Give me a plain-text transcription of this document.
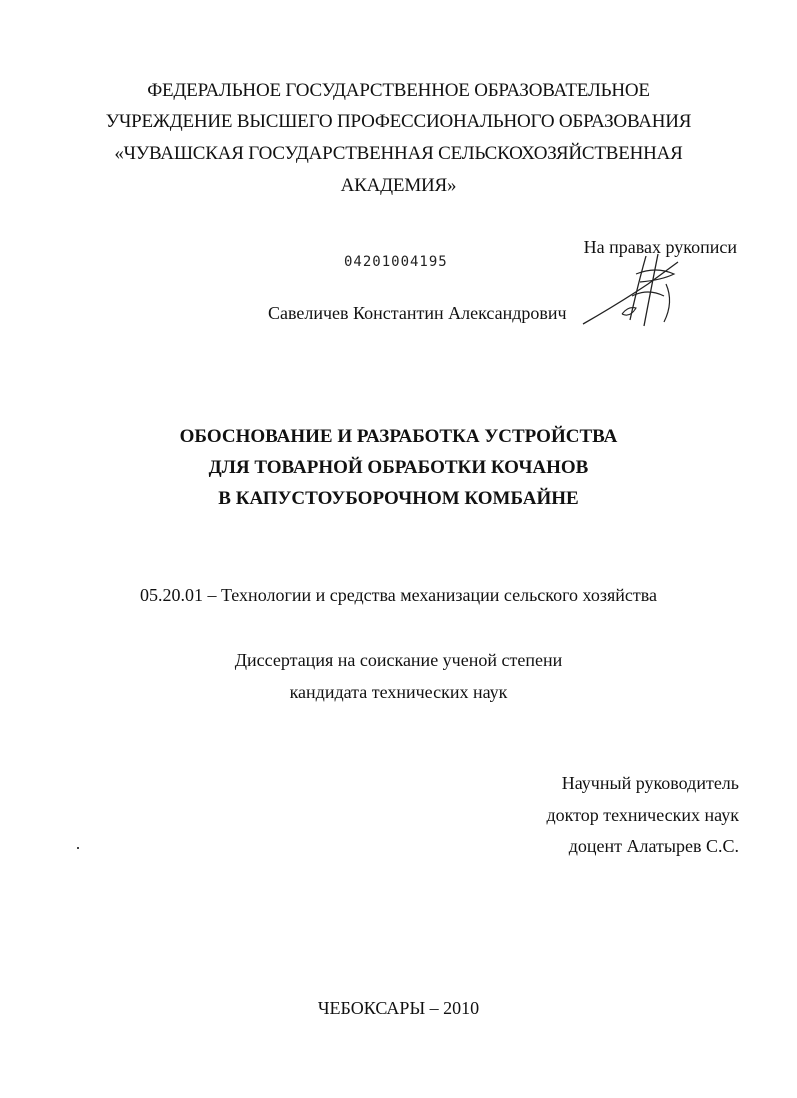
ФЕДЕРАЛЬНОЕ ГОСУДАРСТВЕННОЕ ОБРАЗОВАТЕЛЬНОЕ
УЧРЕЖДЕНИЕ ВЫСШЕГО ПРОФЕССИОНАЛЬНОГО ОБРАЗОВАНИЯ
«ЧУВАШСКАЯ ГОСУДАРСТВЕННАЯ СЕЛЬСКОХОЗЯЙСТВЕННАЯ
АКАДЕМИЯ»
На правах рукописи
04201004195
Савеличев Константин Александрович
ОБОСНОВАНИЕ И РАЗРАБОТКА УСТРОЙСТВА
ДЛЯ ТОВАРНОЙ ОБРАБОТКИ КОЧАНОВ
В КАПУСТОУБОРОЧНОМ КОМБАЙНЕ
05.20.01 – Технологии и средства механизации сельского хозяйства
Диссертация на соискание ученой степени
кандидата технических наук
Научный руководитель
доктор технических наук
доцент Алатырев С.С.
ЧЕБОКСАРЫ – 2010
